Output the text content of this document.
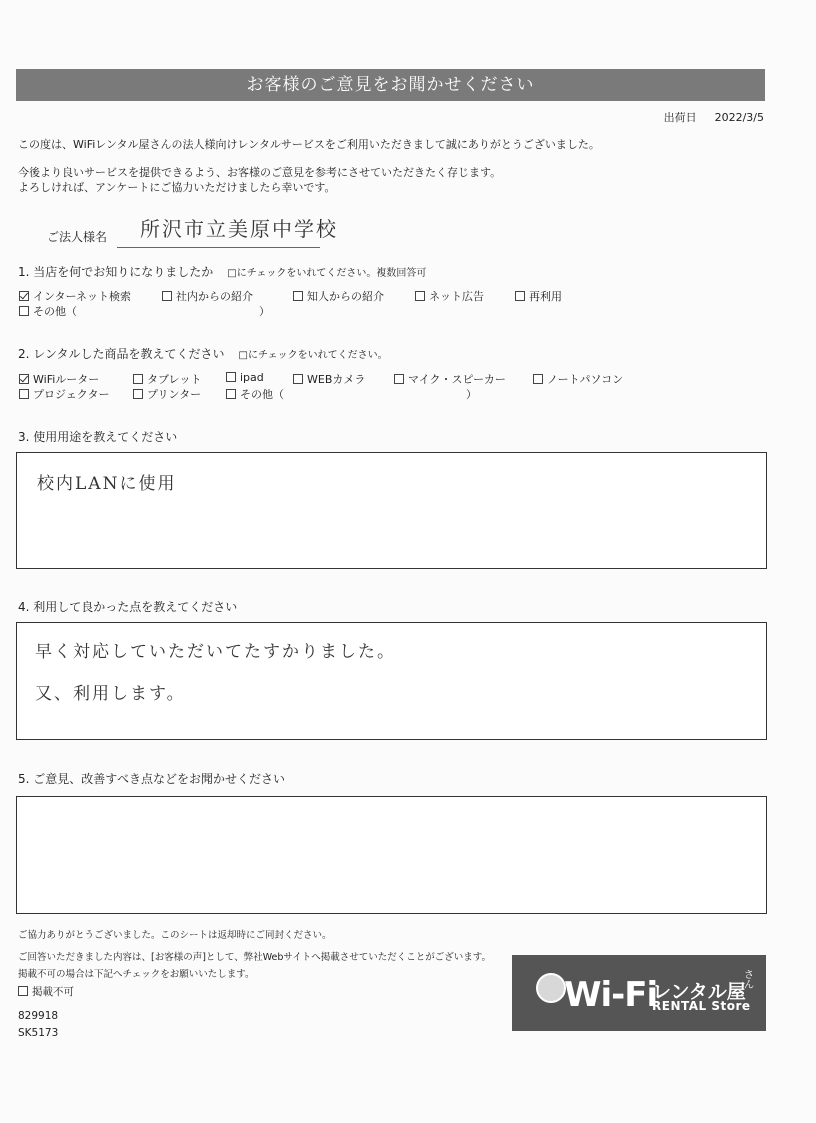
お客様のご意見をお聞かせください
出荷日 2022/3/5
この度は、WiFiレンタル屋さんの法人様向けレンタルサービスをご利用いただきまして誠にありがとうございました。
今後より良いサービスを提供できるよう、お客様のご意見を参考にさせていただきたく存じます。
よろしければ、アンケートにご協力いただけましたら幸いです。
ご法人様名 所沢市立美原中学校
1. 当店を何でお知りになりましたか □にチェックをいれてください。複数回答可
インターネット検索	社内からの紹介	知人からの紹介	ネット広告	再利用
その他（	）
2. レンタルした商品を教えてください □にチェックをいれてください。
WiFiルーター	タブレット	ipad	WEBカメラ	マイク・スピーカー	ノートパソコン
プロジェクター	プリンター	その他（	）
3. 使用用途を教えてください
校内LANに使用
4. 利用して良かった点を教えてください
早く対応していただいてたすかりました。
又、利用します。
5. ご意見、改善すべき点などをお聞かせください
ご協力ありがとうございました。このシートは返却時にご同封ください。
ご回答いただきました内容は、[お客様の声]として、弊社Webサイトへ掲載させていただくことがございます。
掲載不可の場合は下記へチェックをお願いいたします。
掲載不可
829918
SK5173
Wi-Fi
レンタル屋
さん
RENTAL Store
